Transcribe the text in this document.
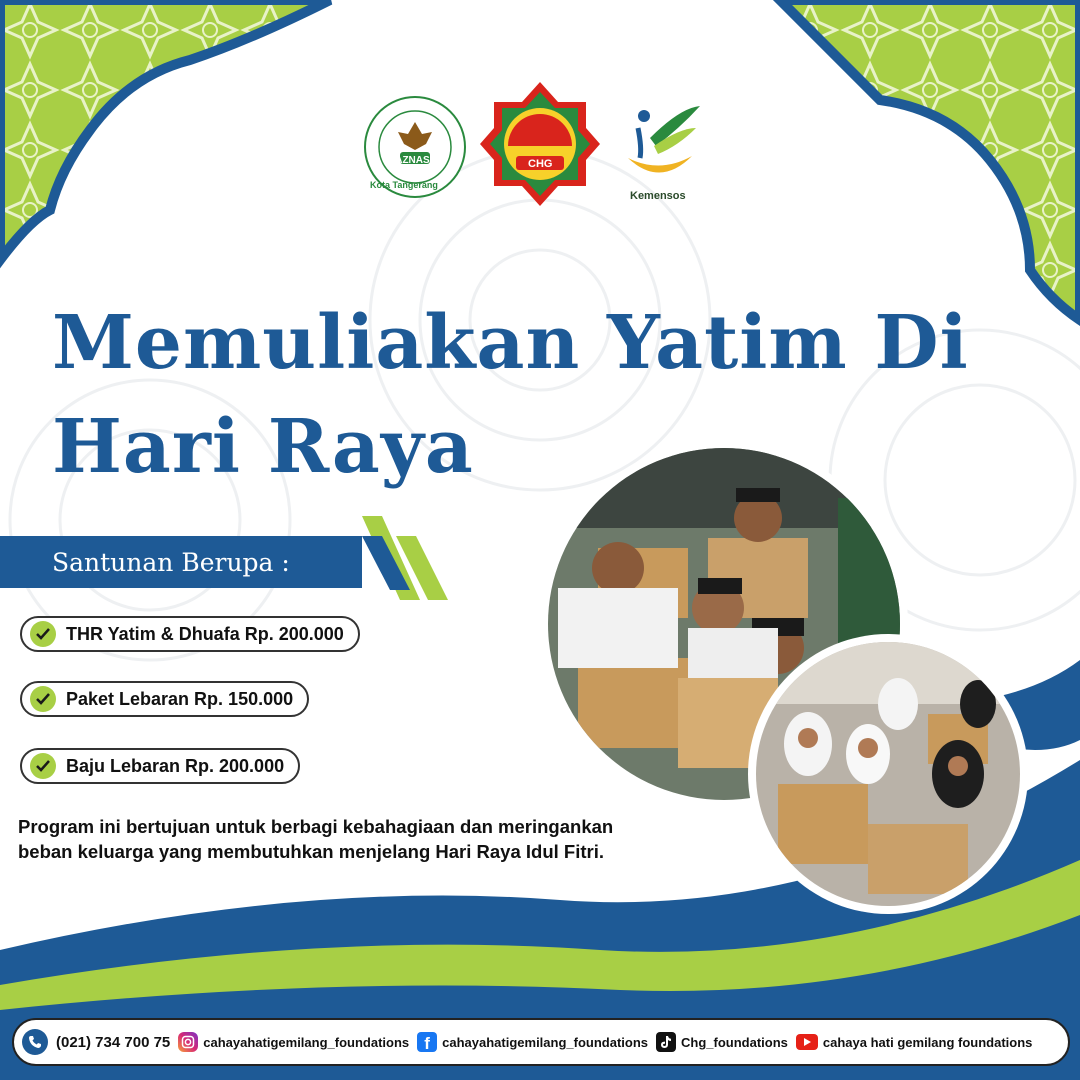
BAZNAS
Kota Tangerang
CHG
Kemensos
Memuliakan Yatim Di
Hari Raya
Santunan Berupa :
THR Yatim & Dhuafa Rp. 200.000
Paket Lebaran Rp. 150.000
Baju Lebaran Rp. 200.000
Program ini bertujuan untuk berbagi kebahagiaan dan meringankan beban keluarga yang membutuhkan menjelang Hari Raya Idul Fitri.
(021) 734 700 75	cahayahatigemilang_foundations f cahayahatigemilang_foundations	Chg_foundations	cahaya hati gemilang foundations
